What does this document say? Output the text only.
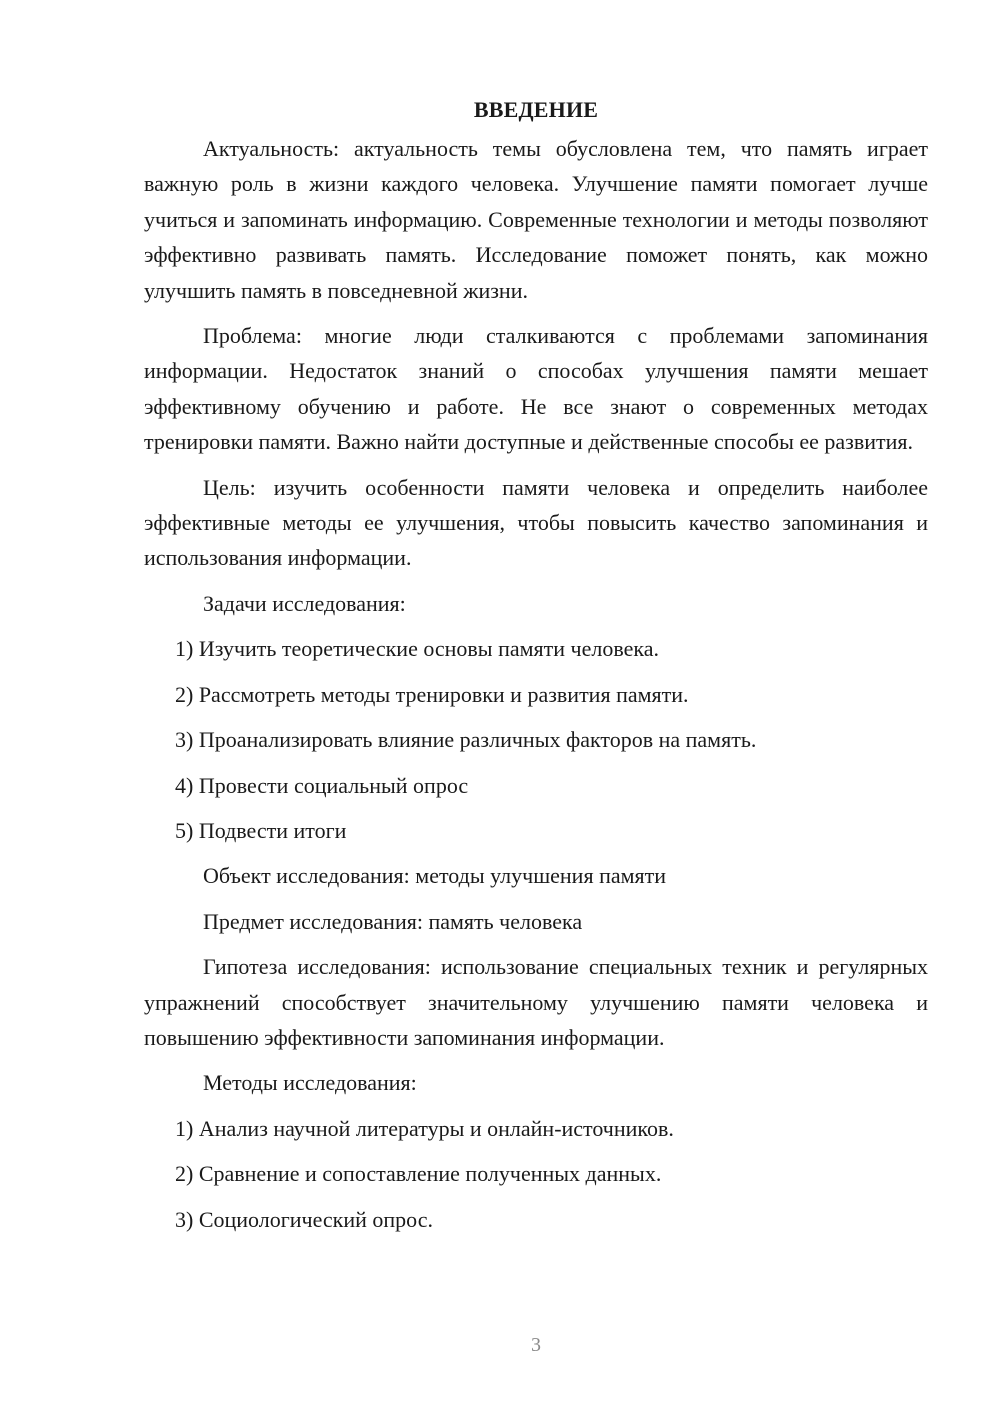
ВВЕДЕНИЕ

Актуальность: актуальность темы обусловлена тем, что память играет важную роль в жизни каждого человека. Улучшение памяти помогает лучше учиться и запоминать информацию. Современные технологии и методы позволяют эффективно развивать память. Исследование поможет понять, как можно улучшить память в повседневной жизни.

Проблема: многие люди сталкиваются с проблемами запоминания информации. Недостаток знаний о способах улучшения памяти мешает эффективному обучению и работе. Не все знают о современных методах тренировки памяти. Важно найти доступные и действенные способы ее развития.

Цель: изучить особенности памяти человека и определить наиболее эффективные методы ее улучшения, чтобы повысить качество запоминания и использования информации.

Задачи исследования:

1) Изучить теоретические основы памяти человека.

2) Рассмотреть методы тренировки и развития памяти.

3) Проанализировать влияние различных факторов на память.

4) Провести социальный опрос

5) Подвести итоги

Объект исследования: методы улучшения памяти

Предмет исследования: память человека

Гипотеза исследования: использование специальных техник и регулярных упражнений способствует значительному улучшению памяти человека и повышению эффективности запоминания информации.

Методы исследования:

1) Анализ научной литературы и онлайн-источников.

2) Сравнение и сопоставление полученных данных.

3) Социологический опрос.

3
